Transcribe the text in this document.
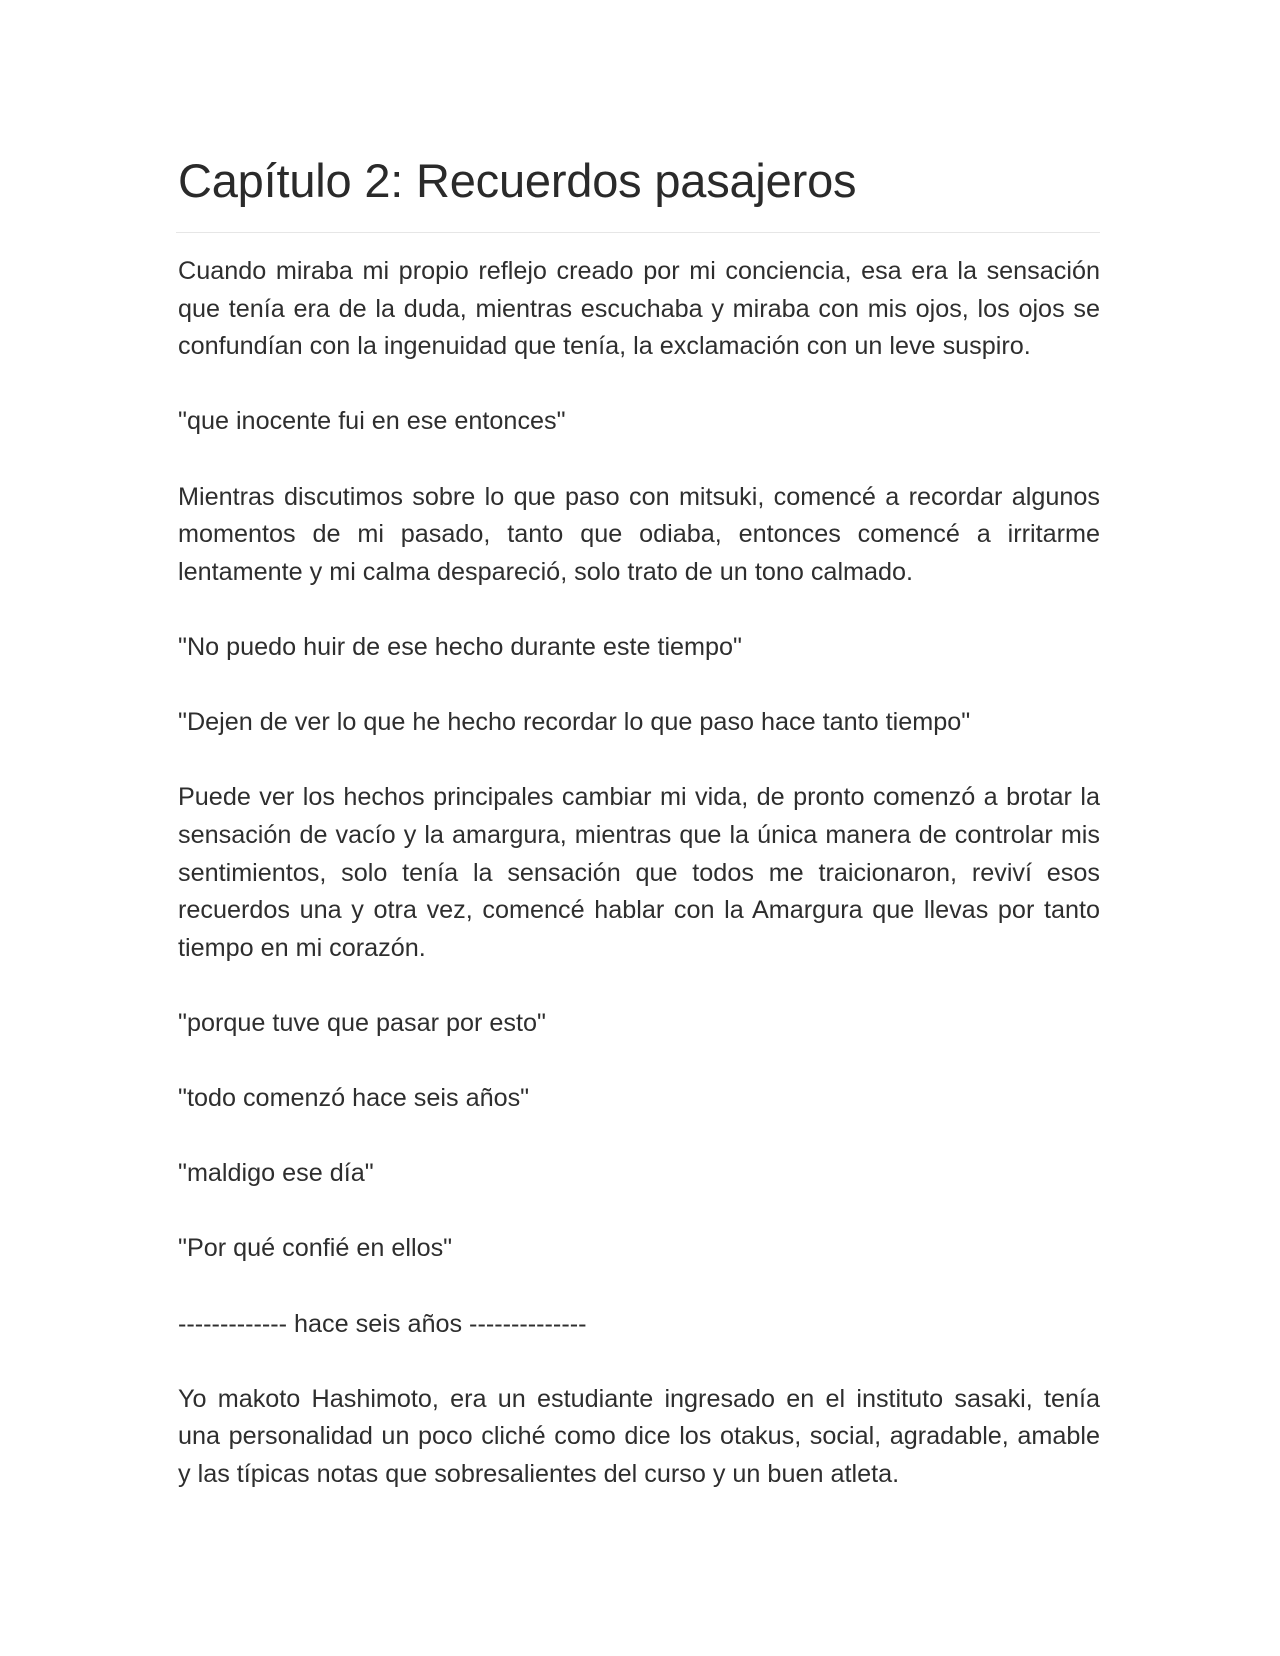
Capítulo 2: Recuerdos pasajeros

Cuando miraba mi propio reflejo creado por mi conciencia, esa era la sensación que tenía era de la duda, mientras escuchaba y miraba con mis ojos, los ojos se confundían con la ingenuidad que tenía, la exclamación con un leve suspiro.

"que inocente fui en ese entonces"

Mientras discutimos sobre lo que paso con mitsuki, comencé a recordar algunos momentos de mi pasado, tanto que odiaba, entonces comencé a irritarme lentamente y mi calma despareció, solo trato de un tono calmado.

"No puedo huir de ese hecho durante este tiempo"

"Dejen de ver lo que he hecho recordar lo que paso hace tanto tiempo"

Puede ver los hechos principales cambiar mi vida, de pronto comenzó a brotar la sensación de vacío y la amargura, mientras que la única manera de controlar mis sentimientos, solo tenía la sensación que todos me traicionaron, reviví esos recuerdos una y otra vez, comencé hablar con la Amargura que llevas por tanto tiempo en mi corazón.

"porque tuve que pasar por esto"

"todo comenzó hace seis años"

"maldigo ese día"

"Por qué confié en ellos"

------------- hace seis años --------------

Yo makoto Hashimoto, era un estudiante ingresado en el instituto sasaki, tenía una personalidad un poco cliché como dice los otakus, social, agradable, amable y las típicas notas que sobresalientes del curso y un buen atleta.
